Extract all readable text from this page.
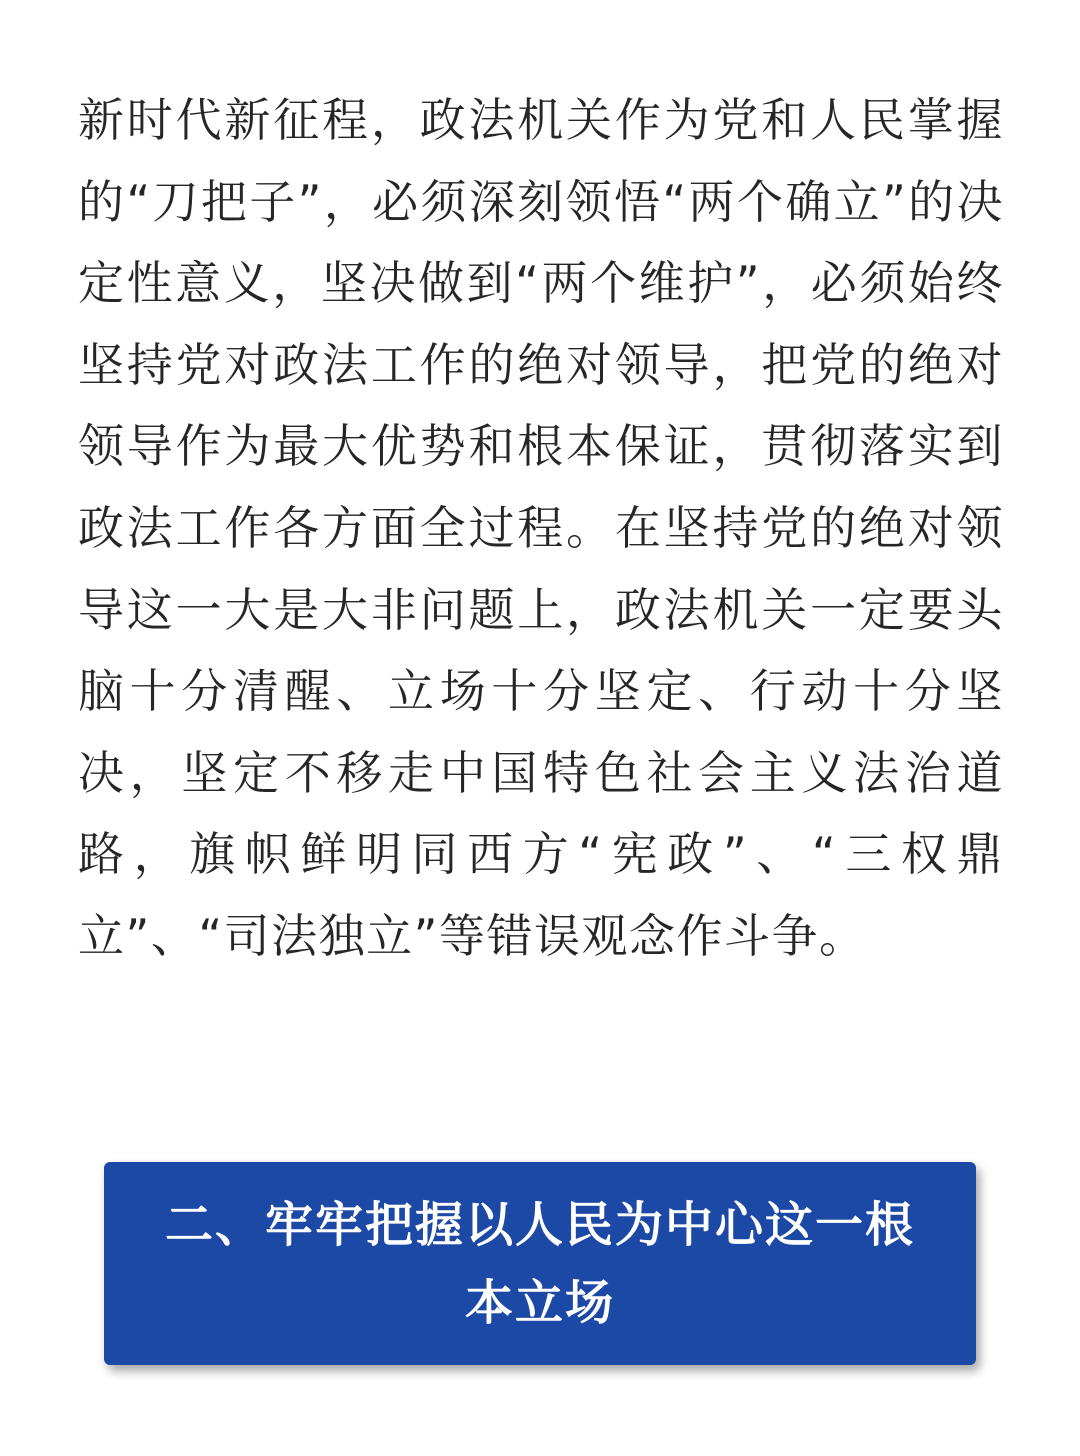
新时代新征程，政法机关作为党和人民掌握的“刀把子”，必须深刻领悟“两个确立”的决定性意义，坚决做到“两个维护”，必须始终坚持党对政法工作的绝对领导，把党的绝对领导作为最大优势和根本保证，贯彻落实到政法工作各方面全过程。在坚持党的绝对领导这一大是大非问题上，政法机关一定要头脑十分清醒、立场十分坚定、行动十分坚决，坚定不移走中国特色社会主义法治道路，旗帜鲜明同西方“宪政”、“三权鼎立”、“司法独立”等错误观念作斗争。

二、牢牢把握以人民为中心这一根本立场
